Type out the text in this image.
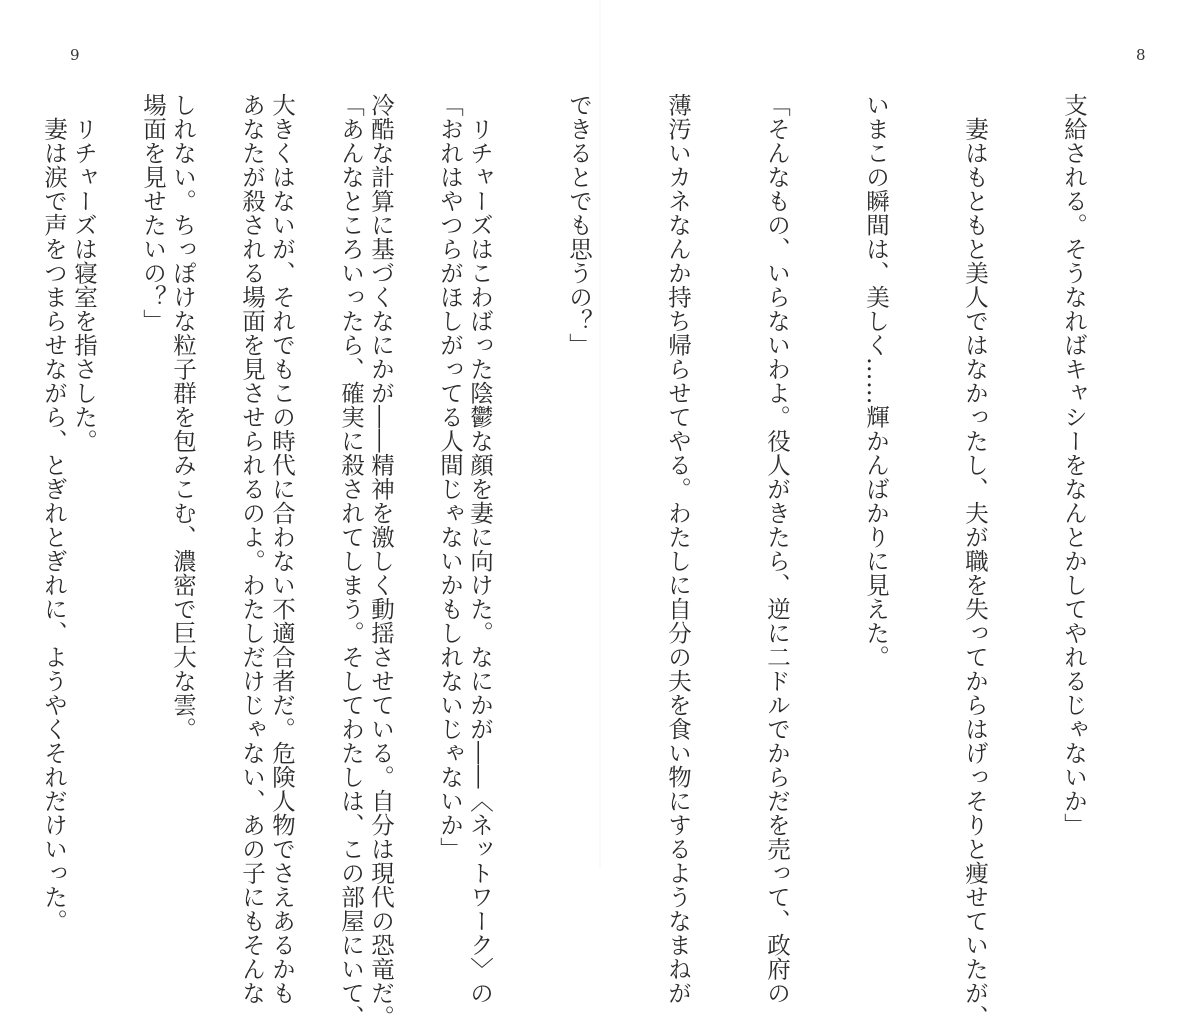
8

支給される。そうなればキャシーをなんとかしてやれるじゃないか」

妻はもともと美人ではなかったし、夫が職を失ってからはげっそりと痩せていたが、

いまこの瞬間は、美しく……輝かんばかりに見えた。

「そんなもの、いらないわよ。役人がきたら、逆に二ドルでからだを売って、政府の

薄汚いカネなんか持ち帰らせてやる。わたしに自分の夫を食い物にするようなまねが

できるとでも思うの？」

リチャーズはこわばった陰鬱な顔を妻に向けた。なにかが――〈ネットワーク〉の

冷酷な計算に基づくなにかが――精神を激しく動揺させている。自分は現代の恐竜だ。

大きくはないが、それでもこの時代に合わない不適合者だ。危険人物でさえあるかも

しれない。ちっぽけな粒子群を包みこむ、濃密で巨大な雲。

リチャーズは寝室を指さした。

9

「おれはやつらがほしがってる人間じゃないかもしれないじゃないか」

「あんなところいったら、確実に殺されてしまう。そしてわたしは、この部屋にいて、

あなたが殺される場面を見させられるのよ。わたしだけじゃない、あの子にもそんな

場面を見せたいの？」

妻は涙で声をつまらせながら、とぎれとぎれに、ようやくそれだけいった。
